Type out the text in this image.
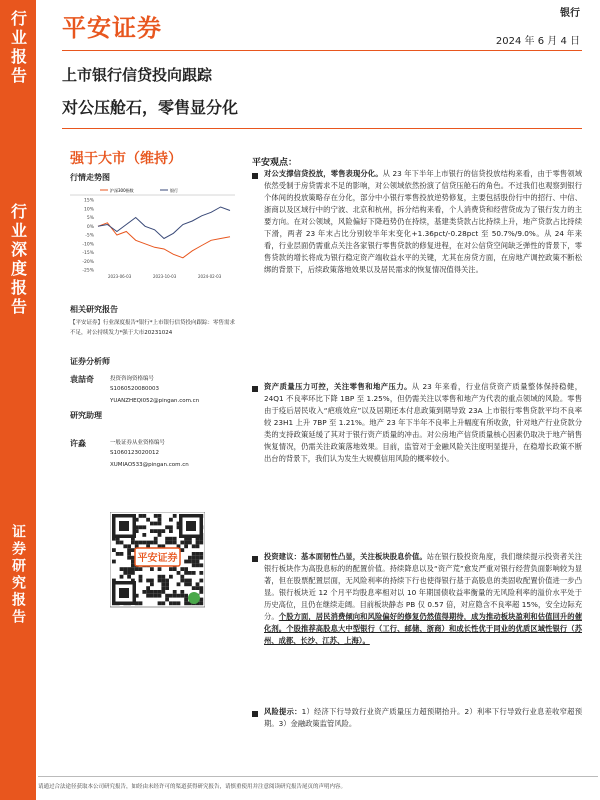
行业报告
行业深度报告
证券研究报告
平安证券
银行
2024 年 6 月 4 日
上市银行信贷投向跟踪
对公压舱石，零售显分化
强于大市（维持）
行情走势图
沪深300指数	银行
15%
10%
5%
0%
-5%
-10%
-15%
-20%
-25%
2023-06-03	2023-10-03	2024-02-03
相关研究报告
【平安证券】行业深度报告*银行*上市银行信贷投向跟踪：零售需求不足，对公持续发力*强于大市20231024
证券分析师
袁喆奇	投资咨询资格编号
S1060520080003
YUANZHEQI052@pingan.com.cn
研究助理
许淼	一般证券从业资格编号
S1060123020012
XUMIAO533@pingan.com.cn
平安证券
平安观点：
对公支撑信贷投放，零售表现分化。从 23 年下半年上市银行的信贷投放结构来看，由于零售领域依然受制于房贷需求不足的影响，对公领域依然扮演了信贷压舱石的角色。不过我们也观察到银行个体间的投放策略存在分化，部分中小银行零售投放逆势修复，主要包括股份行中的招行、中信、浙商以及区域行中的宁波、北京和杭州，拆分结构来看，个人消费贷和经营贷成为了银行发力的主要方向。在对公领域，风险偏好下降趋势仍在持续，基建类贷款占比持续上升，地产贷款占比持续下滑，两者 23 年末占比分别较半年末变化+1.36pct/-0.28pct 至 50.7%/9.0%。从 24 年来看，行业层面仍需重点关注各家银行零售贷款的修复进程，在对公信贷空间缺乏弹性的背景下，零售贷款的增长将成为银行稳定资产端收益水平的关键，尤其在房贷方面，在房地产调控政策不断松绑的背景下，后续政策落地效果以及居民需求的恢复情况值得关注。
资产质量压力可控，关注零售和地产压力。从 23 年来看，行业信贷资产质量整体保持稳健，24Q1 不良率环比下降 1BP 至 1.25%，但仍需关注以零售和地产为代表的重点领域的风险。零售由于疫后居民收入“疤痕效应”以及居期还本付息政策到期导致 23A 上市银行零售贷款平均不良率较 23H1 上升 7BP 至 1.21%。地产 23 年下半年不良率上升幅度有所收敛，针对地产行业贷款分类的支持政策延缓了其对于银行资产质量的冲击。对公房地产信贷质量核心因素仍取决于地产销售恢复情况，仍需关注政策落地效果。目前，监管对于金融风险关注度明显提升，在稳增长政策不断出台的背景下，我们认为发生大规模信用风险的概率较小。
投资建议：基本面韧性凸显，关注板块股息价值。站在银行股投资角度，我们继续提示投资者关注银行板块作为高股息标的的配置价值。持续降息以及“资产荒”愈发严重对银行经营负面影响较为显著，但在股票配置层面，无风险利率的持续下行也使得银行基于高股息的类固收配置价值进一步凸显。银行板块近 12 个月平均股息率相对以 10 年期国债收益率衡量的无风险利率的溢价水平处于历史高位，且仍在继续走阔。目前板块静态 PB 仅 0.57 倍，对应隐含不良率超 15%，安全边际充分。个股方面，居民消费倾向和风险偏好的修复仍然值得期待，成为推动板块盈利和估值回升的催化剂。个股推荐高股息大中型银行（工行、邮储、浙商）和成长性优于同业的优质区域性银行（苏州、成都、长沙、江苏、上海）。
风险提示：1）经济下行导致行业资产质量压力超预期抬升。2）利率下行导致行业息差收窄超预期。3）金融政策监管风险。
请通过合法途径获取本公司研究报告，如经由未经许可的渠道获得研究报告，请慎重使用并注意阅读研究报告尾页的声明内容。
